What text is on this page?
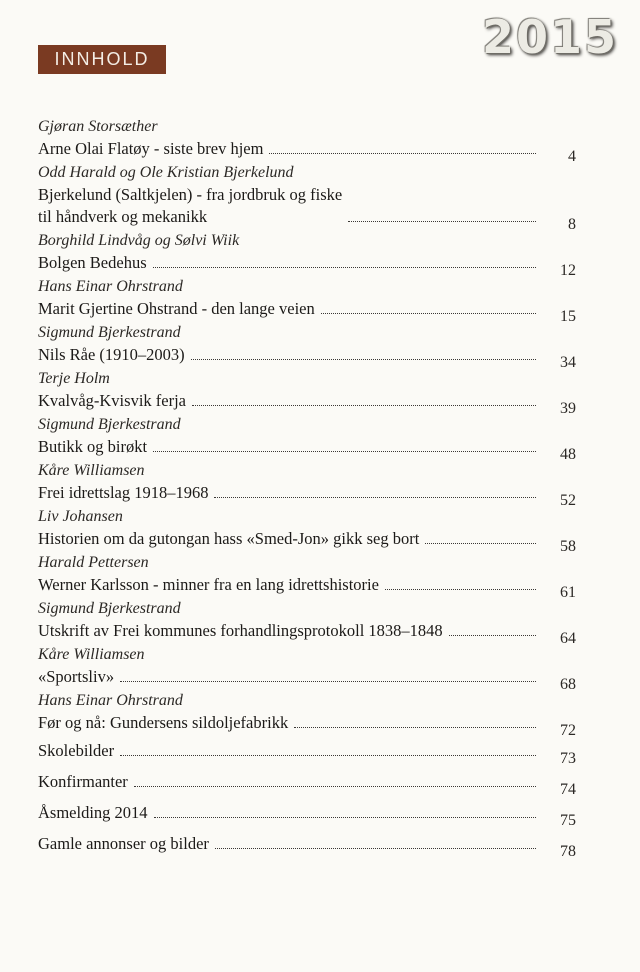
2015
INNHOLD
Gjøran Storsæther
Arne Olai Flatøy - siste brev hjem	4
Odd Harald og Ole Kristian Bjerkelund
Bjerkelund (Saltkjelen) - fra jordbruk og fiske
til håndverk og mekanikk	8
Borghild Lindvåg og Sølvi Wiik
Bolgen Bedehus	12
Hans Einar Ohrstrand
Marit Gjertine Ohstrand - den lange veien	15
Sigmund Bjerkestrand
Nils Råe (1910–2003)	34
Terje Holm
Kvalvåg-Kvisvik ferja	39
Sigmund Bjerkestrand
Butikk og birøkt	48
Kåre Williamsen
Frei idrettslag 1918–1968	52
Liv Johansen
Historien om da gutongan hass «Smed-Jon» gikk seg bort	58
Harald Pettersen
Werner Karlsson - minner fra en lang idrettshistorie	61
Sigmund Bjerkestrand
Utskrift av Frei kommunes forhandlingsprotokoll 1838–1848	64
Kåre Williamsen
«Sportsliv»	68
Hans Einar Ohrstrand
Før og nå: Gundersens sildoljefabrikk	72
Skolebilder	73
Konfirmanter	74
Åsmelding 2014	75
Gamle annonser og bilder	78
